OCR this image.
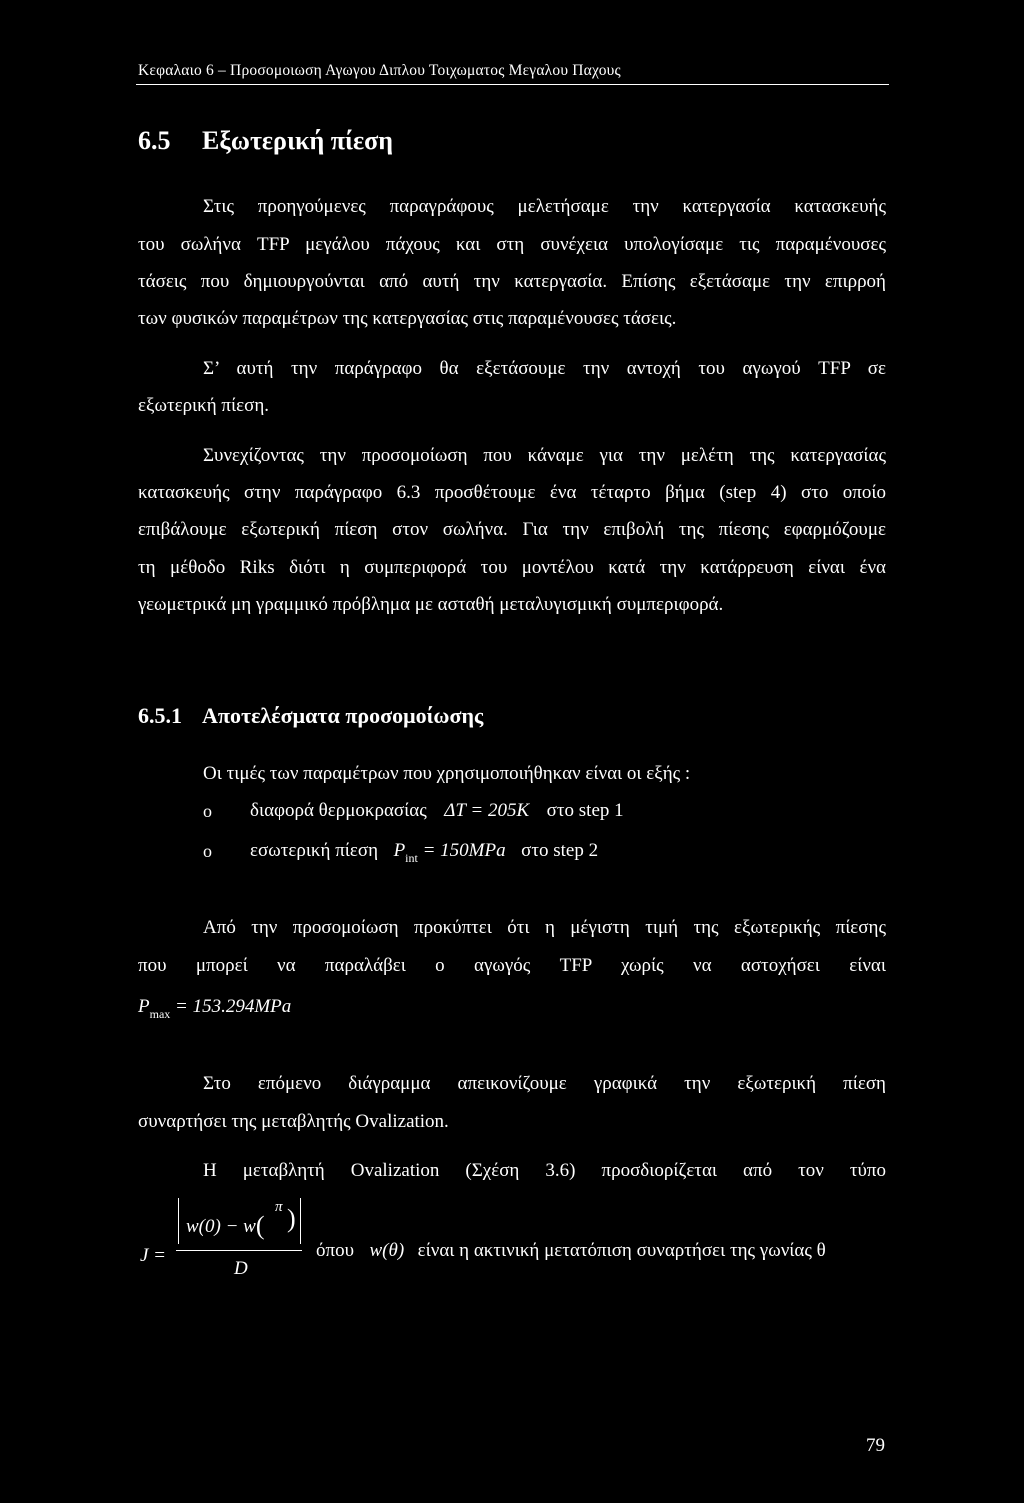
Κεφαλαιο 6 – Προσομοιωση Αγωγου Διπλου Τοιχωματος Μεγαλου Παχους
6.5 Εξωτερική πίεση
Στις προηγούμενες παραγράφους μελετήσαμε την κατεργασία κατασκευής
του σωλήνα TFP μεγάλου πάχους και στη συνέχεια υπολογίσαμε τις παραμένουσες
τάσεις που δημιουργούνται από αυτή την κατεργασία. Επίσης εξετάσαμε την επιρροή
των φυσικών παραμέτρων της κατεργασίας στις παραμένουσες τάσεις.
Σ’ αυτή την παράγραφο θα εξετάσουμε την αντοχή του αγωγού TFP σε
εξωτερική πίεση.
Συνεχίζοντας την προσομοίωση που κάναμε για την μελέτη της κατεργασίας
κατασκευής στην παράγραφο 6.3 προσθέτουμε ένα τέταρτο βήμα (step 4) στο οποίο
επιβάλουμε εξωτερική πίεση στον σωλήνα. Για την επιβολή της πίεσης εφαρμόζουμε
τη μέθοδο Riks διότι η συμπεριφορά του μοντέλου κατά την κατάρρευση είναι ένα
γεωμετρικά μη γραμμικό πρόβλημα με ασταθή μεταλυγισμική συμπεριφορά.
6.5.1 Αποτελέσματα προσομοίωσης
Οι τιμές των παραμέτρων που χρησιμοποιήθηκαν είναι οι εξής :
o διαφορά θερμοκρασίας ΔT = 205K στο step 1
o εσωτερική πίεση $P_{int} = 150MPa$ στο step 2
Από την προσομοίωση προκύπτει ότι η μέγιστη τιμή της εξωτερικής πίεσης
που μπορεί να παραλάβει ο αγωγός TFP χωρίς να αστοχήσει είναι
$P_{max} = 153.294MPa$
Στο επόμενο διάγραμμα απεικονίζουμε γραφικά την εξωτερική πίεση
συναρτήσει της μεταβλητής Ovalization.
Η μεταβλητή Ovalization (Σχέση 3.6) προσδιορίζεται από τον τύπο
J =
w(0) − w(
π )
D
όπου w(θ) είναι η ακτινική μετατόπιση συναρτήσει της γωνίας θ
79
